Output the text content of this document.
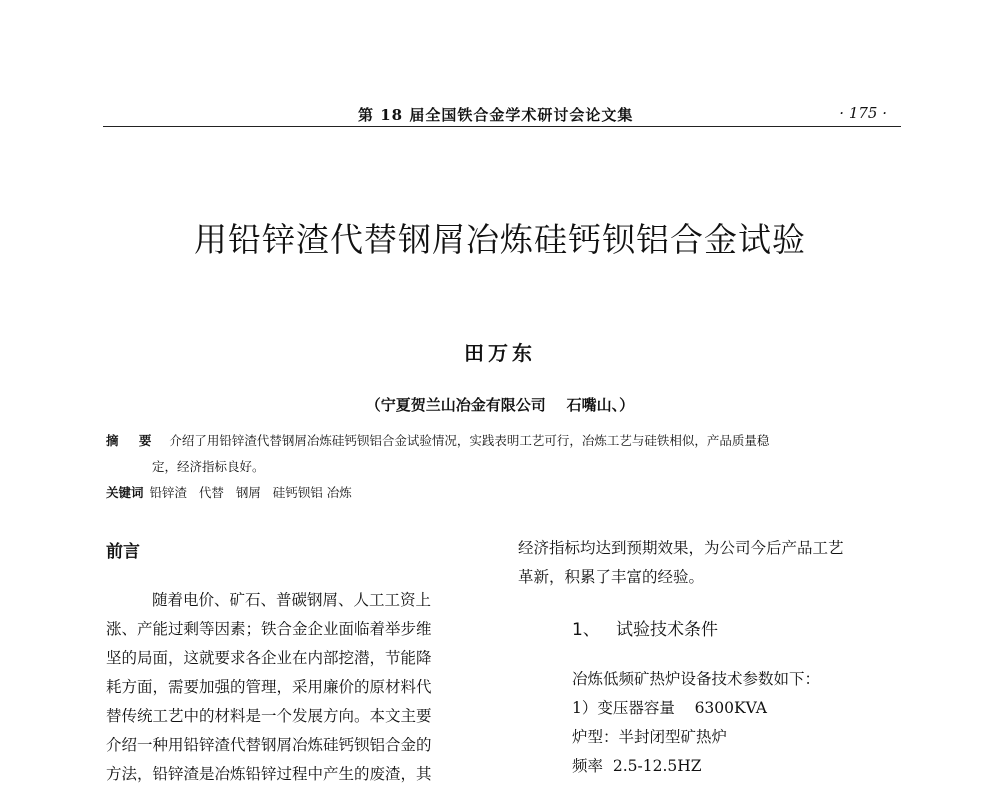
第 18 届全国铁合金学术研讨会论文集	· 175 ·
用铅锌渣代替钢屑冶炼硅钙钡铝合金试验
田万东
（宁夏贺兰山冶金有限公司    石嘴山、）
摘 要 介绍了用铅锌渣代替钢屑冶炼硅钙钡铝合金试验情况，实践表明工艺可行，冶炼工艺与硅铁相似，产品质量稳
定，经济指标良好。
关键词 铅锌渣   代替   钢屑   硅钙钡铝 冶炼
前言
随着电价、矿石、普碳钢屑、人工工资上
涨、产能过剩等因素；铁合金企业面临着举步维
坚的局面，这就要求各企业在内部挖潜，节能降
耗方面，需要加强的管理，采用廉价的原材料代
替传统工艺中的材料是一个发展方向。本文主要
介绍一种用铅锌渣代替钢屑冶炼硅钙钡铝合金的
方法，铅锌渣是冶炼铅锌过程中产生的废渣，其
经济指标均达到预期效果，为公司今后产品工艺
革新，积累了丰富的经验。
1、   试验技术条件
冶炼低频矿热炉设备技术参数如下：
1）变压器容量    6300KVA
炉型：半封闭型矿热炉
频率  2.5-12.5HZ
